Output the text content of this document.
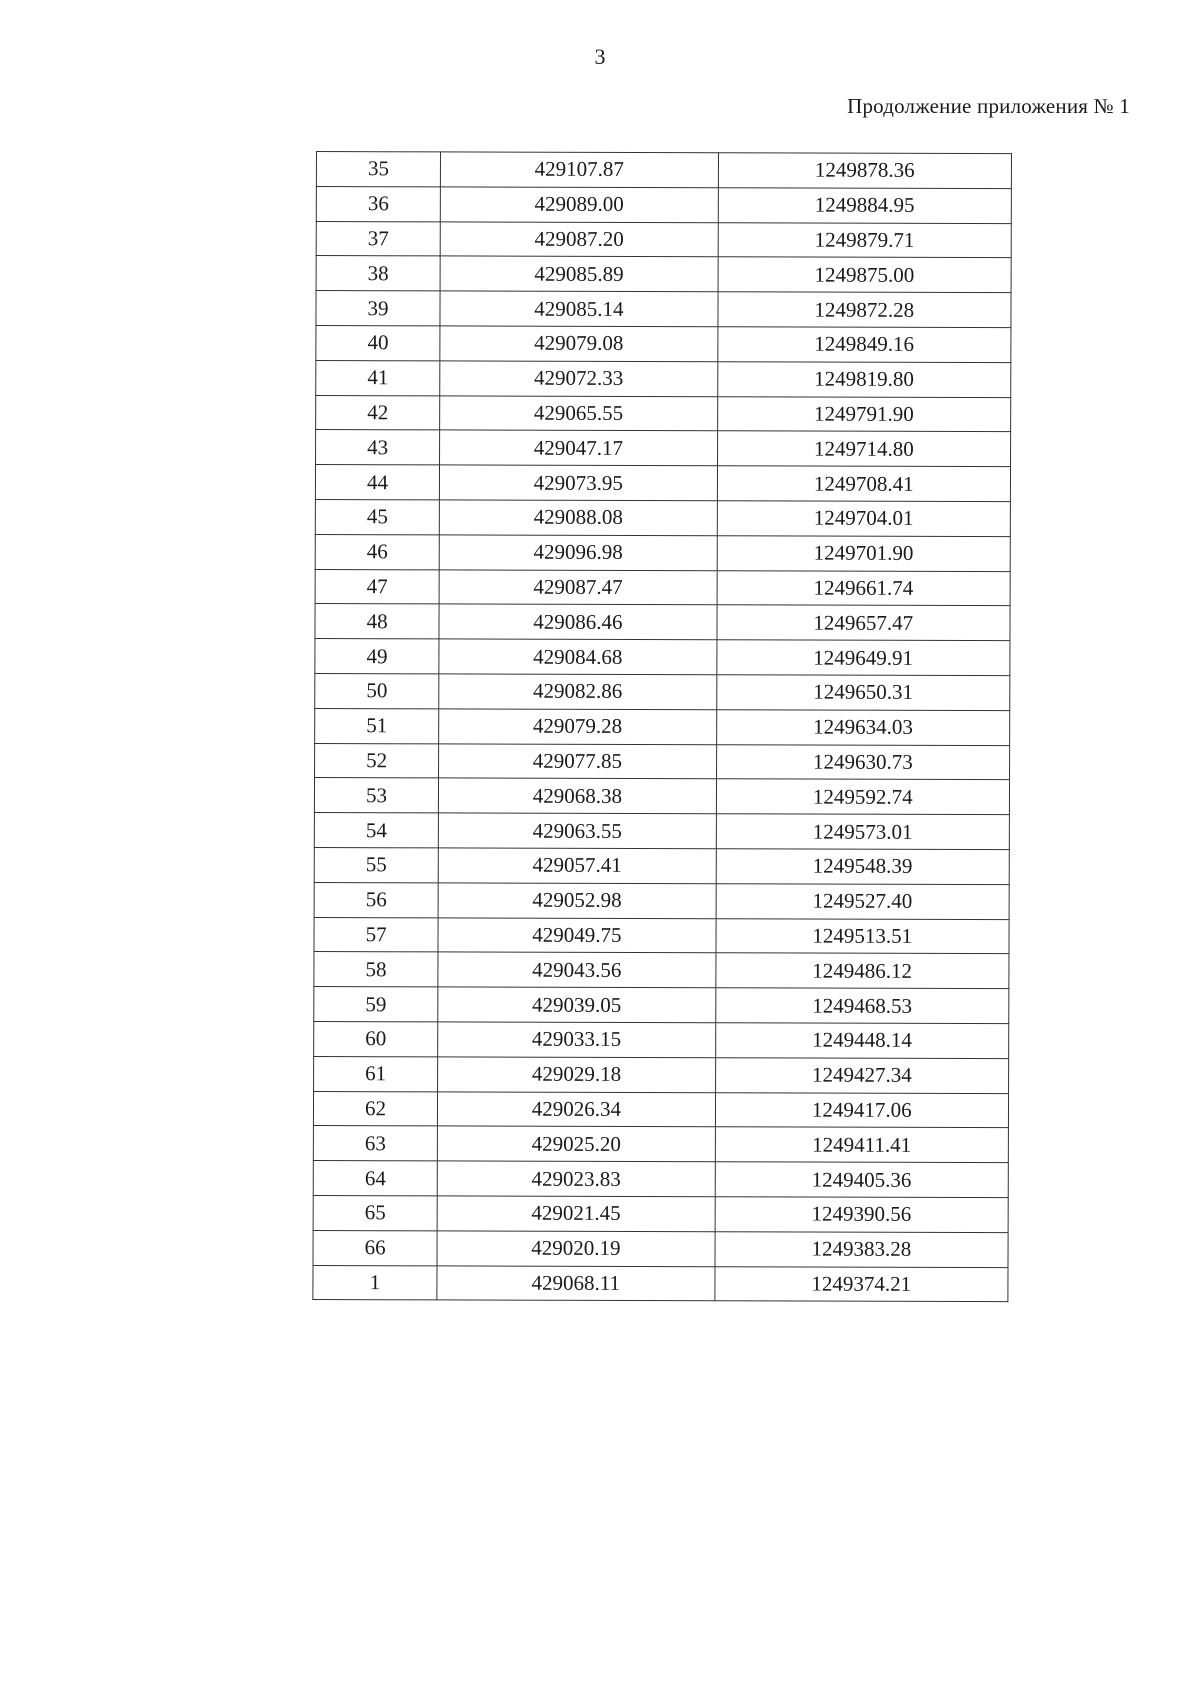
3
Продолжение приложения № 1
35	429107.87	1249878.36
36	429089.00	1249884.95
37	429087.20	1249879.71
38	429085.89	1249875.00
39	429085.14	1249872.28
40	429079.08	1249849.16
41	429072.33	1249819.80
42	429065.55	1249791.90
43	429047.17	1249714.80
44	429073.95	1249708.41
45	429088.08	1249704.01
46	429096.98	1249701.90
47	429087.47	1249661.74
48	429086.46	1249657.47
49	429084.68	1249649.91
50	429082.86	1249650.31
51	429079.28	1249634.03
52	429077.85	1249630.73
53	429068.38	1249592.74
54	429063.55	1249573.01
55	429057.41	1249548.39
56	429052.98	1249527.40
57	429049.75	1249513.51
58	429043.56	1249486.12
59	429039.05	1249468.53
60	429033.15	1249448.14
61	429029.18	1249427.34
62	429026.34	1249417.06
63	429025.20	1249411.41
64	429023.83	1249405.36
65	429021.45	1249390.56
66	429020.19	1249383.28
1	429068.11	1249374.21
